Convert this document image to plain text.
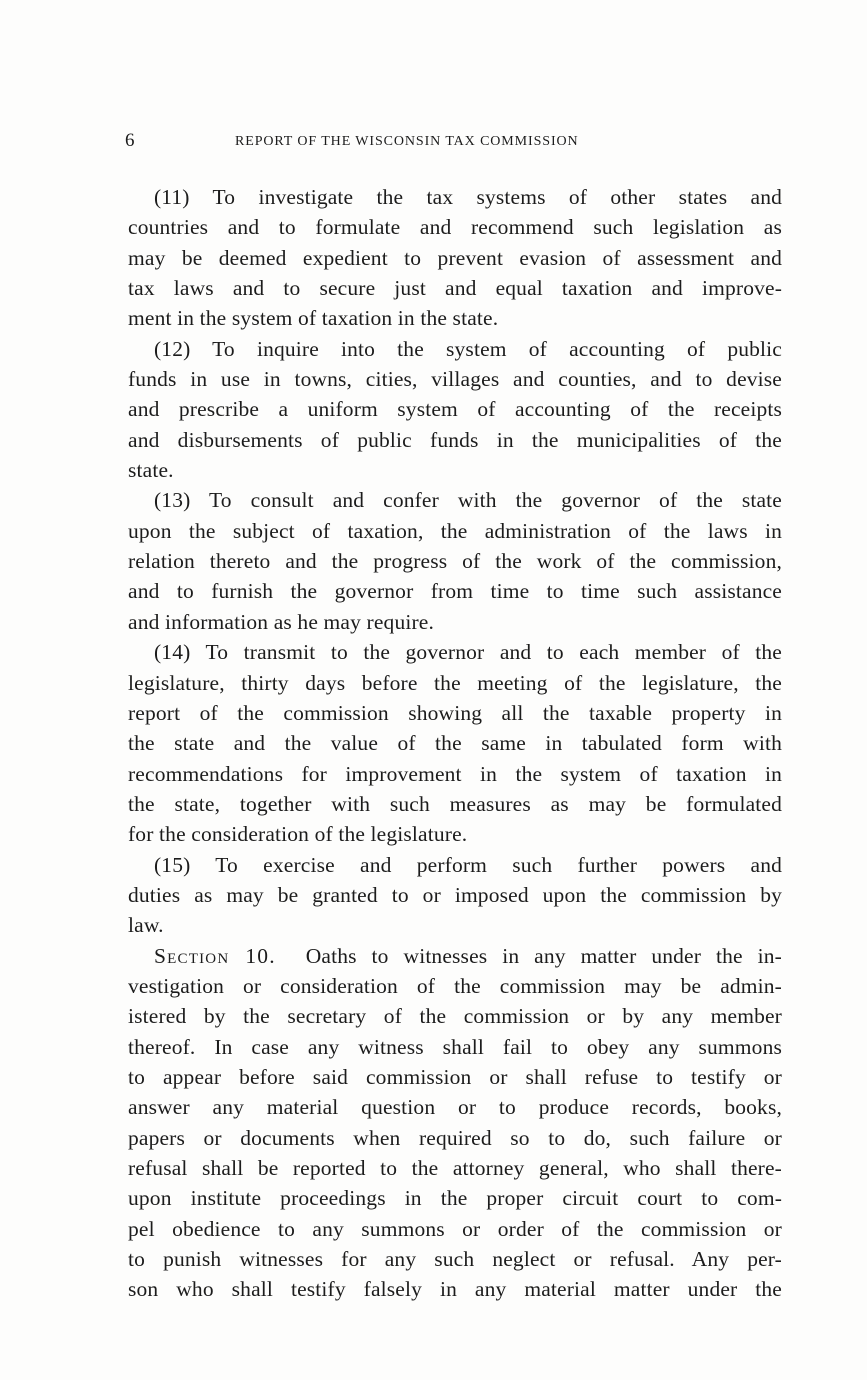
6	REPORT OF THE WISCONSIN TAX COMMISSION
(11) To investigate the tax systems of other states and
countries and to formulate and recommend such legislation as
may be deemed expedient to prevent evasion of assessment and
tax laws and to secure just and equal taxation and improve-
ment in the system of taxation in the state.
(12) To inquire into the system of accounting of public
funds in use in towns, cities, villages and counties, and to devise
and prescribe a uniform system of accounting of the receipts
and disbursements of public funds in the municipalities of the
state.
(13) To consult and confer with the governor of the state
upon the subject of taxation, the administration of the laws in
relation thereto and the progress of the work of the commission,
and to furnish the governor from time to time such assistance
and information as he may require.
(14) To transmit to the governor and to each member of the
legislature, thirty days before the meeting of the legislature, the
report of the commission showing all the taxable property in
the state and the value of the same in tabulated form with
recommendations for improvement in the system of taxation in
the state, together with such measures as may be formulated
for the consideration of the legislature.
(15) To exercise and perform such further powers and
duties as may be granted to or imposed upon the commission by
law.
Section 10. Oaths to witnesses in any matter under the in-
vestigation or consideration of the commission may be admin-
istered by the secretary of the commission or by any member
thereof. In case any witness shall fail to obey any summons
to appear before said commission or shall refuse to testify or
answer any material question or to produce records, books,
papers or documents when required so to do, such failure or
refusal shall be reported to the attorney general, who shall there-
upon institute proceedings in the proper circuit court to com-
pel obedience to any summons or order of the commission or
to punish witnesses for any such neglect or refusal. Any per-
son who shall testify falsely in any material matter under the
